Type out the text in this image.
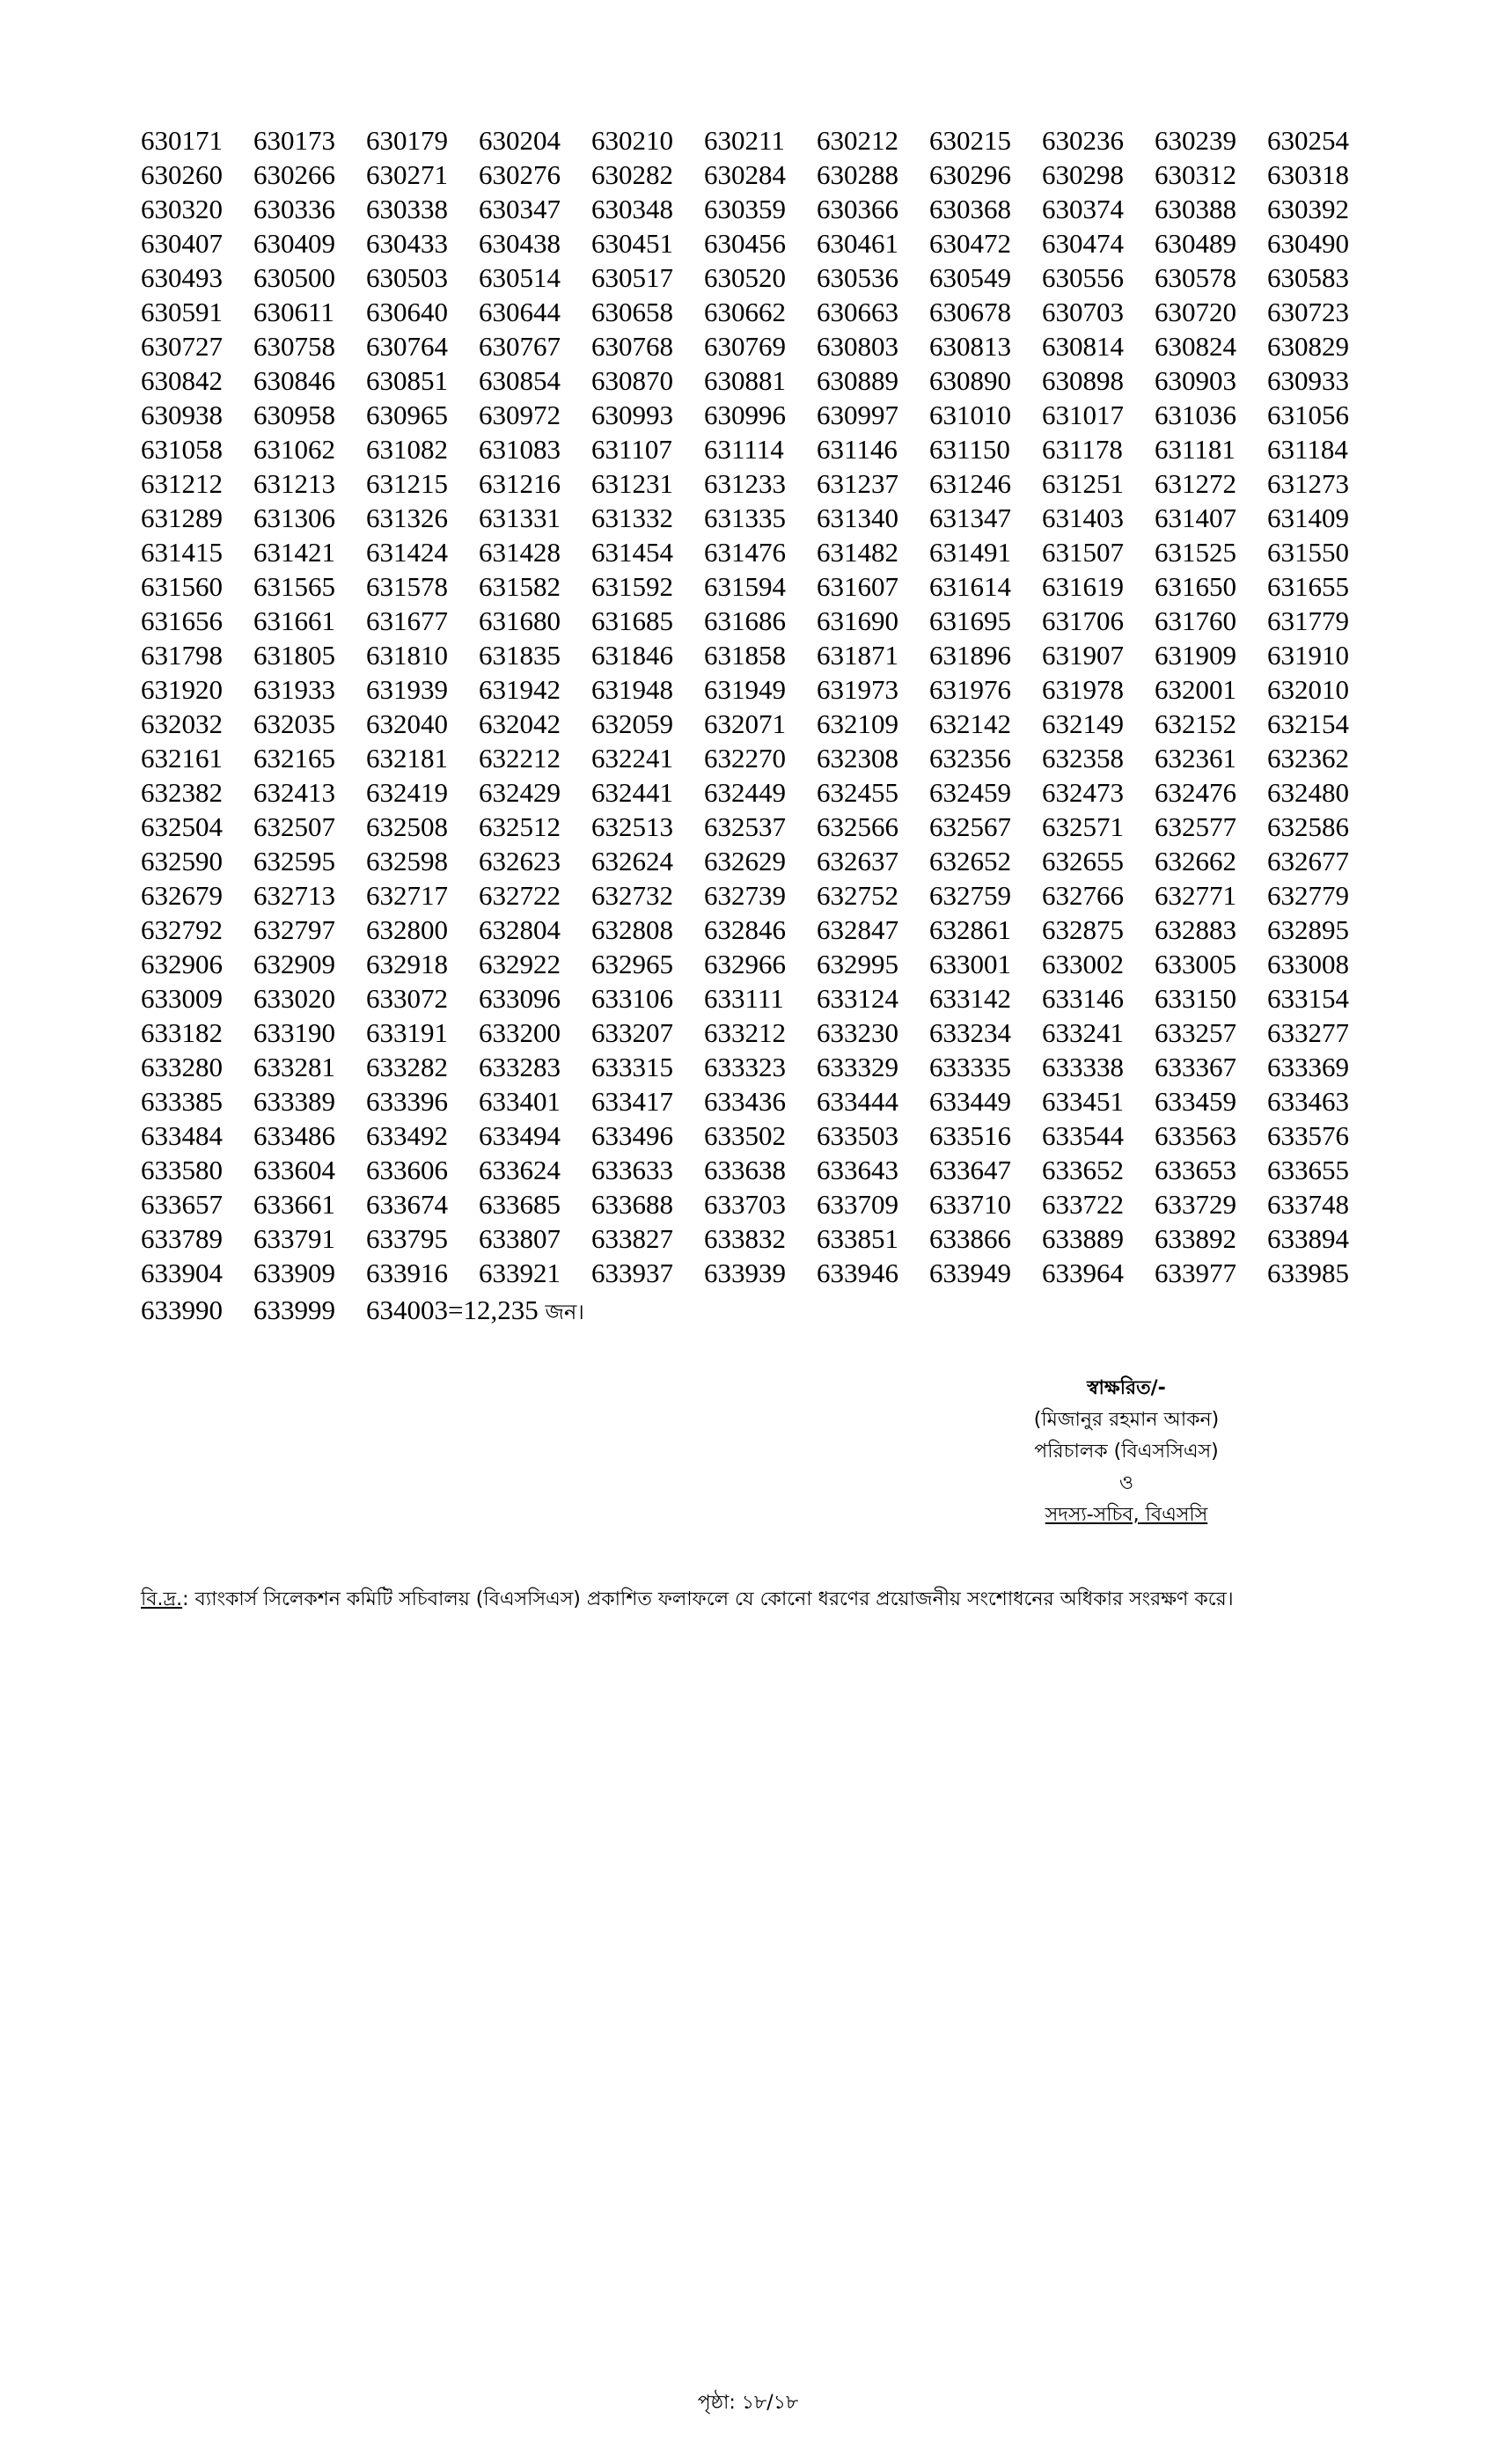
630171	630173	630179	630204	630210	630211	630212	630215	630236	630239	630254
630260	630266	630271	630276	630282	630284	630288	630296	630298	630312	630318
630320	630336	630338	630347	630348	630359	630366	630368	630374	630388	630392
630407	630409	630433	630438	630451	630456	630461	630472	630474	630489	630490
630493	630500	630503	630514	630517	630520	630536	630549	630556	630578	630583
630591	630611	630640	630644	630658	630662	630663	630678	630703	630720	630723
630727	630758	630764	630767	630768	630769	630803	630813	630814	630824	630829
630842	630846	630851	630854	630870	630881	630889	630890	630898	630903	630933
630938	630958	630965	630972	630993	630996	630997	631010	631017	631036	631056
631058	631062	631082	631083	631107	631114	631146	631150	631178	631181	631184
631212	631213	631215	631216	631231	631233	631237	631246	631251	631272	631273
631289	631306	631326	631331	631332	631335	631340	631347	631403	631407	631409
631415	631421	631424	631428	631454	631476	631482	631491	631507	631525	631550
631560	631565	631578	631582	631592	631594	631607	631614	631619	631650	631655
631656	631661	631677	631680	631685	631686	631690	631695	631706	631760	631779
631798	631805	631810	631835	631846	631858	631871	631896	631907	631909	631910
631920	631933	631939	631942	631948	631949	631973	631976	631978	632001	632010
632032	632035	632040	632042	632059	632071	632109	632142	632149	632152	632154
632161	632165	632181	632212	632241	632270	632308	632356	632358	632361	632362
632382	632413	632419	632429	632441	632449	632455	632459	632473	632476	632480
632504	632507	632508	632512	632513	632537	632566	632567	632571	632577	632586
632590	632595	632598	632623	632624	632629	632637	632652	632655	632662	632677
632679	632713	632717	632722	632732	632739	632752	632759	632766	632771	632779
632792	632797	632800	632804	632808	632846	632847	632861	632875	632883	632895
632906	632909	632918	632922	632965	632966	632995	633001	633002	633005	633008
633009	633020	633072	633096	633106	633111	633124	633142	633146	633150	633154
633182	633190	633191	633200	633207	633212	633230	633234	633241	633257	633277
633280	633281	633282	633283	633315	633323	633329	633335	633338	633367	633369
633385	633389	633396	633401	633417	633436	633444	633449	633451	633459	633463
633484	633486	633492	633494	633496	633502	633503	633516	633544	633563	633576
633580	633604	633606	633624	633633	633638	633643	633647	633652	633653	633655
633657	633661	633674	633685	633688	633703	633709	633710	633722	633729	633748
633789	633791	633795	633807	633827	633832	633851	633866	633889	633892	633894
633904	633909	633916	633921	633937	633939	633946	633949	633964	633977	633985
633990 633999 634003=12,235 জন।
স্বাক্ষরিত/-
(মিজানুর রহমান আকন)
পরিচালক (বিএসসিএস)
ও
সদস্য-সচিব, বিএসসি
বি.দ্র.: ব্যাংকার্স সিলেকশন কমিটি সচিবালয় (বিএসসিএস) প্রকাশিত ফলাফলে যে কোনো ধরণের প্রয়োজনীয় সংশোধনের অধিকার সংরক্ষণ করে।
পৃষ্ঠা: ১৮/১৮
